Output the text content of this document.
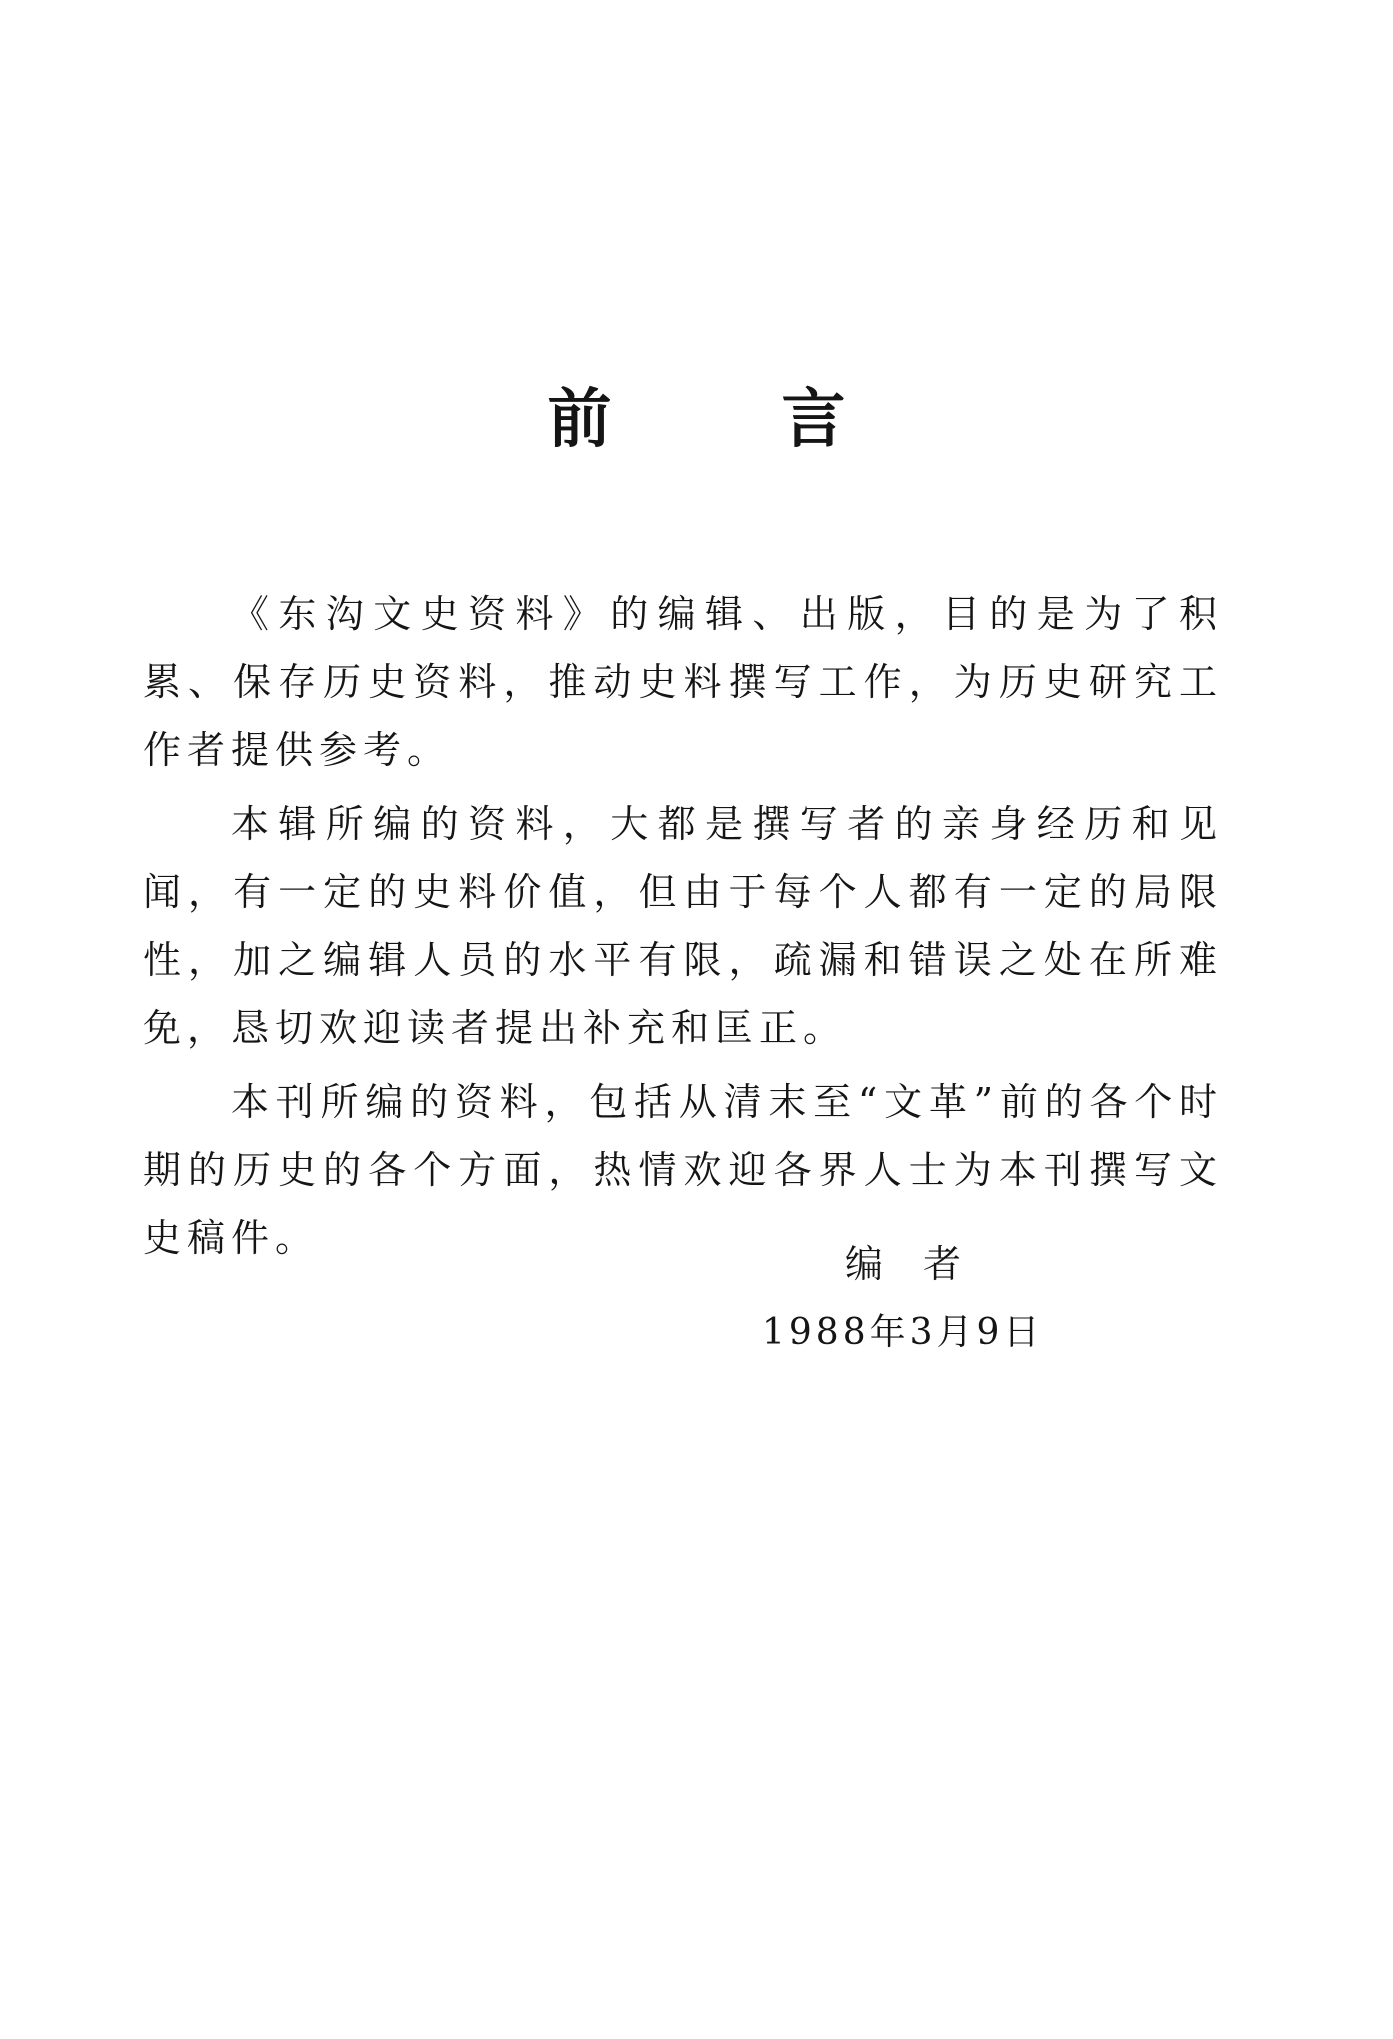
前	言

《东沟文史资料》的编辑、出版，目的是为了积累、保存历史资料，推动史料撰写工作，为历史研究工作者提供参考。

本辑所编的资料，大都是撰写者的亲身经历和见闻，有一定的史料价值，但由于每个人都有一定的局限性，加之编辑人员的水平有限，疏漏和错误之处在所难免，恳切欢迎读者提出补充和匡正。

本刊所编的资料，包括从清末至“文革”前的各个时期的历史的各个方面，热情欢迎各界人士为本刊撰写文史稿件。

编者
1988年3月9日
